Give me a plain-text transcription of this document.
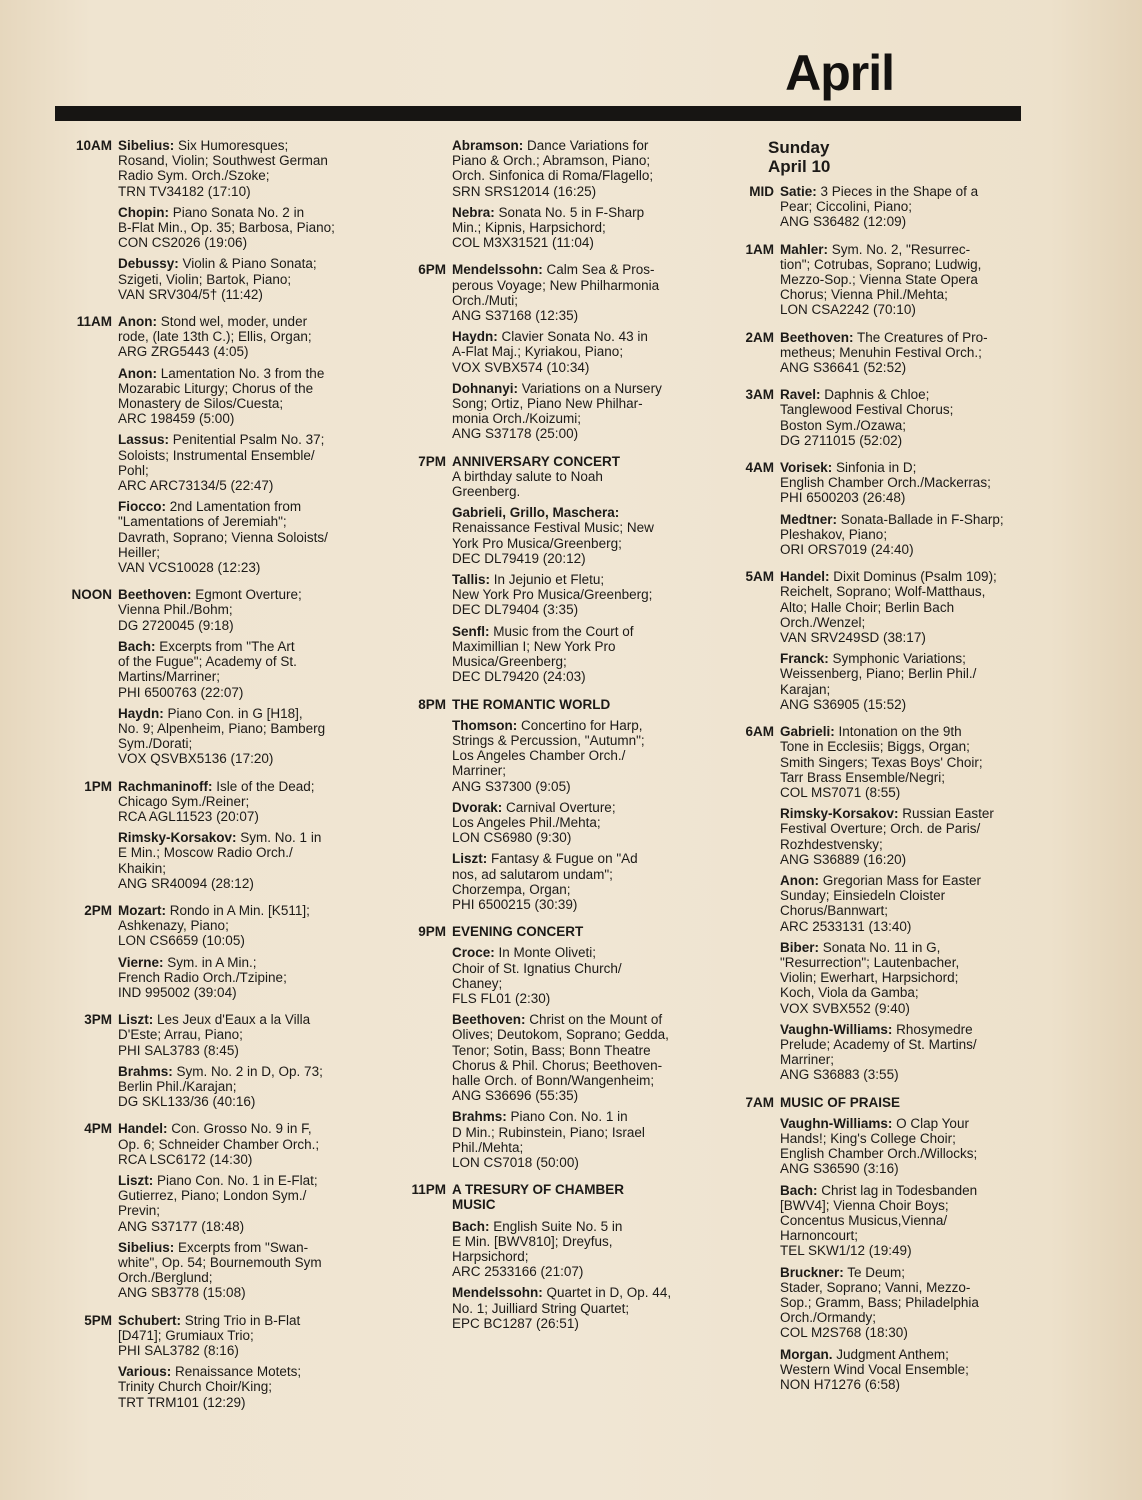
April
10AM Sibelius: Six Humoresques;
Rosand, Violin; Southwest German
Radio Sym. Orch./Szoke;
TRN TV34182 (17:10)
Chopin: Piano Sonata No. 2 in
B-Flat Min., Op. 35; Barbosa, Piano;
CON CS2026 (19:06)
Debussy: Violin & Piano Sonata;
Szigeti, Violin; Bartok, Piano;
VAN SRV304/5† (11:42)
11AM Anon: Stond wel, moder, under
rode, (late 13th C.); Ellis, Organ;
ARG ZRG5443 (4:05)
Anon: Lamentation No. 3 from the
Mozarabic Liturgy; Chorus of the
Monastery de Silos/Cuesta;
ARC 198459 (5:00)
Lassus: Penitential Psalm No. 37;
Soloists; Instrumental Ensemble/
Pohl;
ARC ARC73134/5 (22:47)
Fiocco: 2nd Lamentation from
"Lamentations of Jeremiah";
Davrath, Soprano; Vienna Soloists/
Heiller;
VAN VCS10028 (12:23)
NOON Beethoven: Egmont Overture;
Vienna Phil./Bohm;
DG 2720045 (9:18)
Bach: Excerpts from "The Art
of the Fugue"; Academy of St.
Martins/Marriner;
PHI 6500763 (22:07)
Haydn: Piano Con. in G [H18],
No. 9; Alpenheim, Piano; Bamberg
Sym./Dorati;
VOX QSVBX5136 (17:20)
1PM Rachmaninoff: Isle of the Dead;
Chicago Sym./Reiner;
RCA AGL11523 (20:07)
Rimsky-Korsakov: Sym. No. 1 in
E Min.; Moscow Radio Orch./
Khaikin;
ANG SR40094 (28:12)
2PM Mozart: Rondo in A Min. [K511];
Ashkenazy, Piano;
LON CS6659 (10:05)
Vierne: Sym. in A Min.;
French Radio Orch./Tzipine;
IND 995002 (39:04)
3PM Liszt: Les Jeux d'Eaux a la Villa
D'Este; Arrau, Piano;
PHI SAL3783 (8:45)
Brahms: Sym. No. 2 in D, Op. 73;
Berlin Phil./Karajan;
DG SKL133/36 (40:16)
4PM Handel: Con. Grosso No. 9 in F,
Op. 6; Schneider Chamber Orch.;
RCA LSC6172 (14:30)
Liszt: Piano Con. No. 1 in E-Flat;
Gutierrez, Piano; London Sym./
Previn;
ANG S37177 (18:48)
Sibelius: Excerpts from "Swan-
white", Op. 54; Bournemouth Sym
Orch./Berglund;
ANG SB3778 (15:08)
5PM Schubert: String Trio in B-Flat
[D471]; Grumiaux Trio;
PHI SAL3782 (8:16)
Various: Renaissance Motets;
Trinity Church Choir/King;
TRT TRM101 (12:29)
Abramson: Dance Variations for
Piano & Orch.; Abramson, Piano;
Orch. Sinfonica di Roma/Flagello;
SRN SRS12014 (16:25)
Nebra: Sonata No. 5 in F-Sharp
Min.; Kipnis, Harpsichord;
COL M3X31521 (11:04)
6PM Mendelssohn: Calm Sea & Pros-
perous Voyage; New Philharmonia
Orch./Muti;
ANG S37168 (12:35)
Haydn: Clavier Sonata No. 43 in
A-Flat Maj.; Kyriakou, Piano;
VOX SVBX574 (10:34)
Dohnanyi: Variations on a Nursery
Song; Ortiz, Piano New Philhar-
monia Orch./Koizumi;
ANG S37178 (25:00)
7PM ANNIVERSARY CONCERT
A birthday salute to Noah
Greenberg.
Gabrieli, Grillo, Maschera:
Renaissance Festival Music; New
York Pro Musica/Greenberg;
DEC DL79419 (20:12)
Tallis: In Jejunio et Fletu;
New York Pro Musica/Greenberg;
DEC DL79404 (3:35)
Senfl: Music from the Court of
Maximillian I; New York Pro
Musica/Greenberg;
DEC DL79420 (24:03)
8PM THE ROMANTIC WORLD
Thomson: Concertino for Harp,
Strings & Percussion, "Autumn";
Los Angeles Chamber Orch./
Marriner;
ANG S37300 (9:05)
Dvorak: Carnival Overture;
Los Angeles Phil./Mehta;
LON CS6980 (9:30)
Liszt: Fantasy & Fugue on "Ad
nos, ad salutarom undam";
Chorzempa, Organ;
PHI 6500215 (30:39)
9PM EVENING CONCERT
Croce: In Monte Oliveti;
Choir of St. Ignatius Church/
Chaney;
FLS FL01 (2:30)
Beethoven: Christ on the Mount of
Olives; Deutokom, Soprano; Gedda,
Tenor; Sotin, Bass; Bonn Theatre
Chorus & Phil. Chorus; Beethoven-
halle Orch. of Bonn/Wangenheim;
ANG S36696 (55:35)
Brahms: Piano Con. No. 1 in
D Min.; Rubinstein, Piano; Israel
Phil./Mehta;
LON CS7018 (50:00)
11PM A TRESURY OF CHAMBER
MUSIC
Bach: English Suite No. 5 in
E Min. [BWV810]; Dreyfus,
Harpsichord;
ARC 2533166 (21:07)
Mendelssohn: Quartet in D, Op. 44,
No. 1; Juilliard String Quartet;
EPC BC1287 (26:51)
Sunday
April 10
MID Satie: 3 Pieces in the Shape of a
Pear; Ciccolini, Piano;
ANG S36482 (12:09)
1AM Mahler: Sym. No. 2, "Resurrec-
tion"; Cotrubas, Soprano; Ludwig,
Mezzo-Sop.; Vienna State Opera
Chorus; Vienna Phil./Mehta;
LON CSA2242 (70:10)
2AM Beethoven: The Creatures of Pro-
metheus; Menuhin Festival Orch.;
ANG S36641 (52:52)
3AM Ravel: Daphnis & Chloe;
Tanglewood Festival Chorus;
Boston Sym./Ozawa;
DG 2711015 (52:02)
4AM Vorisek: Sinfonia in D;
English Chamber Orch./Mackerras;
PHI 6500203 (26:48)
Medtner: Sonata-Ballade in F-Sharp;
Pleshakov, Piano;
ORI ORS7019 (24:40)
5AM Handel: Dixit Dominus (Psalm 109);
Reichelt, Soprano; Wolf-Matthaus,
Alto; Halle Choir; Berlin Bach
Orch./Wenzel;
VAN SRV249SD (38:17)
Franck: Symphonic Variations;
Weissenberg, Piano; Berlin Phil./
Karajan;
ANG S36905 (15:52)
6AM Gabrieli: Intonation on the 9th
Tone in Ecclesiis; Biggs, Organ;
Smith Singers; Texas Boys' Choir;
Tarr Brass Ensemble/Negri;
COL MS7071 (8:55)
Rimsky-Korsakov: Russian Easter
Festival Overture; Orch. de Paris/
Rozhdestvensky;
ANG S36889 (16:20)
Anon: Gregorian Mass for Easter
Sunday; Einsiedeln Cloister
Chorus/Bannwart;
ARC 2533131 (13:40)
Biber: Sonata No. 11 in G,
"Resurrection"; Lautenbacher,
Violin; Ewerhart, Harpsichord;
Koch, Viola da Gamba;
VOX SVBX552 (9:40)
Vaughn-Williams: Rhosymedre
Prelude; Academy of St. Martins/
Marriner;
ANG S36883 (3:55)
7AM MUSIC OF PRAISE
Vaughn-Williams: O Clap Your
Hands!; King's College Choir;
English Chamber Orch./Willocks;
ANG S36590 (3:16)
Bach: Christ lag in Todesbanden
[BWV4]; Vienna Choir Boys;
Concentus Musicus,Vienna/
Harnoncourt;
TEL SKW1/12 (19:49)
Bruckner: Te Deum;
Stader, Soprano; Vanni, Mezzo-
Sop.; Gramm, Bass; Philadelphia
Orch./Ormandy;
COL M2S768 (18:30)
Morgan. Judgment Anthem;
Western Wind Vocal Ensemble;
NON H71276 (6:58)
